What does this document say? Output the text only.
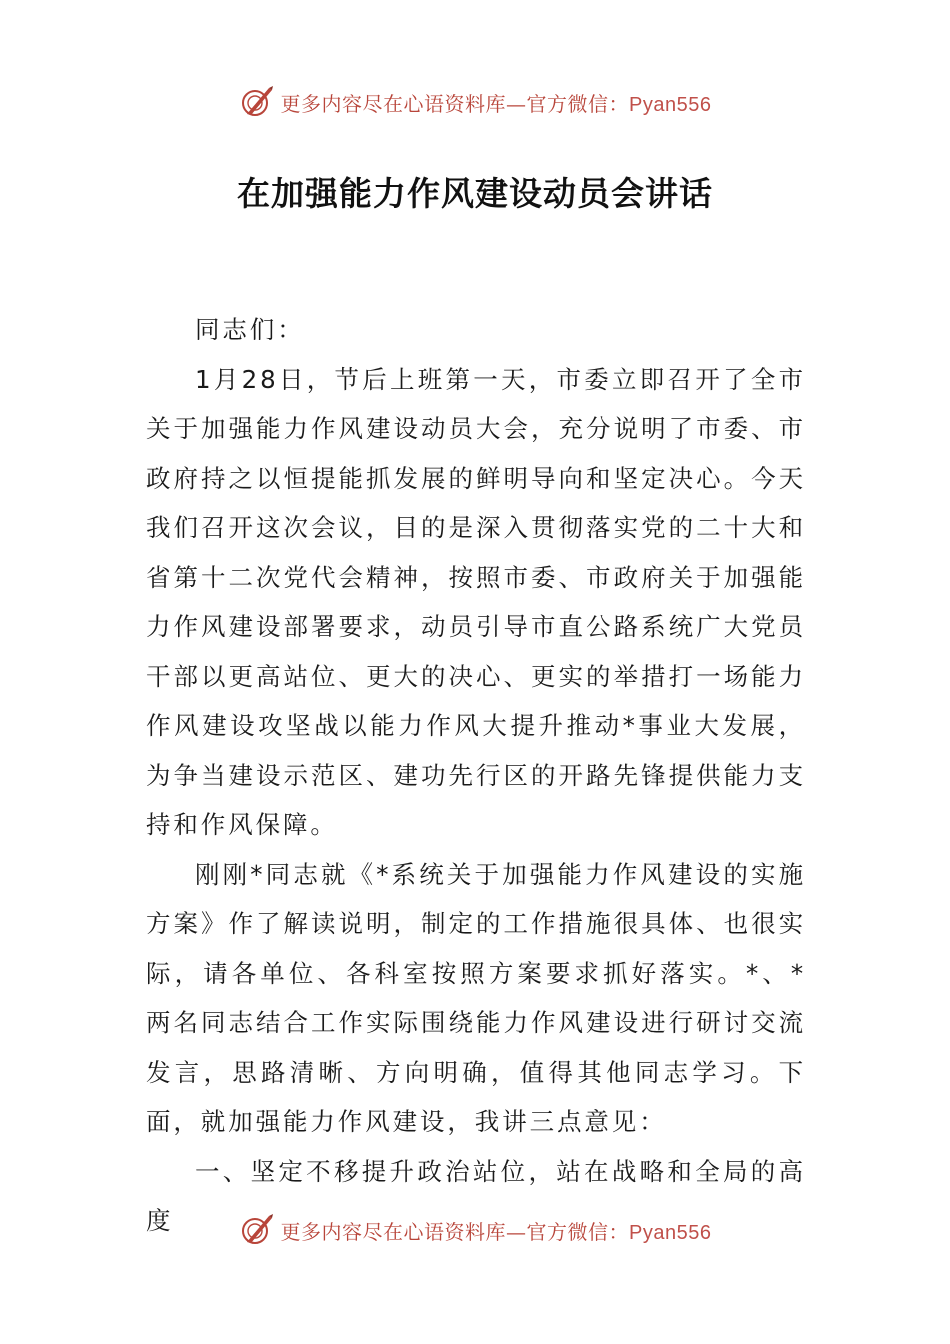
更多内容尽在心语资料库—官方微信：Pyan556
在加强能力作风建设动员会讲话

同志们：

1月28日，节后上班第一天，市委立即召开了全市关于加强能力作风建设动员大会，充分说明了市委、市政府持之以恒提能抓发展的鲜明导向和坚定决心。今天我们召开这次会议，目的是深入贯彻落实党的二十大和省第十二次党代会精神，按照市委、市政府关于加强能力作风建设部署要求，动员引导市直公路系统广大党员干部以更高站位、更大的决心、更实的举措打一场能力作风建设攻坚战以能力作风大提升推动*事业大发展，为争当建设示范区、建功先行区的开路先锋提供能力支持和作风保障。

刚刚*同志就《*系统关于加强能力作风建设的实施方案》作了解读说明，制定的工作措施很具体、也很实际，请各单位、各科室按照方案要求抓好落实。*、*两名同志结合工作实际围绕能力作风建设进行研讨交流发言，思路清晰、方向明确，值得其他同志学习。下面，就加强能力作风建设，我讲三点意见：

一、坚定不移提升政治站位，站在战略和全局的高度	更多内容尽在心语资料库—官方微信：Pyan556
